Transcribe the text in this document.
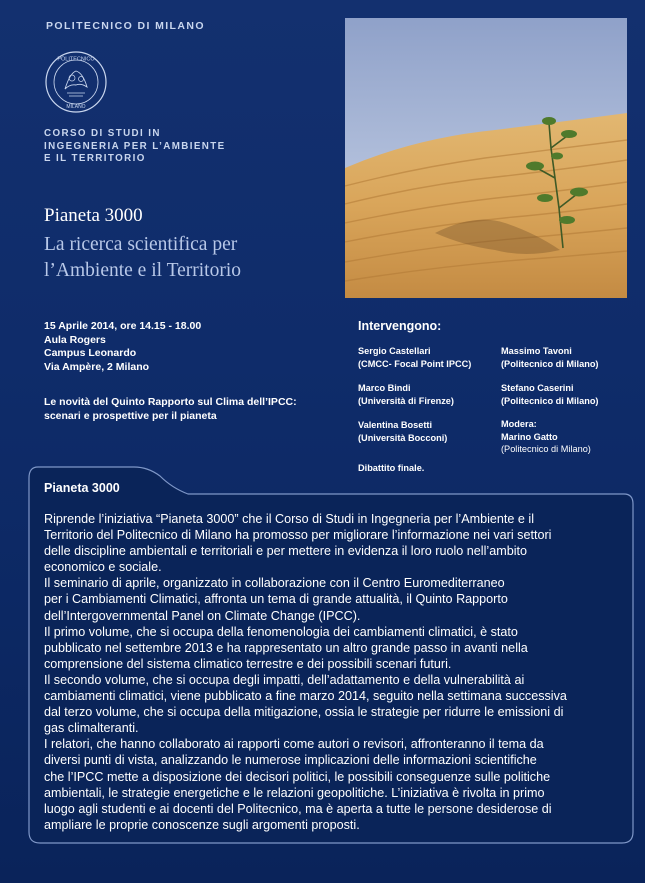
POLITECNICO DI MILANO
POLITECNICO
MILANO
CORSO DI STUDI IN
INGEGNERIA PER L’AMBIENTE
E IL TERRITORIO
Pianeta 3000
La ricerca scientifica per
l’Ambiente e il Territorio
15 Aprile 2014, ore 14.15 - 18.00
Aula Rogers
Campus Leonardo
Via Ampère, 2 Milano
Le novità del Quinto Rapporto sul Clima dell’IPCC:
scenari e prospettive per il pianeta
Intervengono:
Sergio Castellari
(CMCC- Focal Point IPCC)
Massimo Tavoni
(Politecnico di Milano)
Marco Bindi
(Università di Firenze)
Stefano Caserini
(Politecnico di Milano)
Valentina Bosetti
(Università Bocconi)
Modera:
Marino Gatto
(Politecnico di Milano)
Dibattito finale.
Pianeta 3000
Riprende l’iniziativa “Pianeta 3000” che il Corso di Studi in Ingegneria per l’Ambiente e il
Territorio del Politecnico di Milano ha promosso per migliorare l’informazione nei vari settori
delle discipline ambientali e territoriali e per mettere in evidenza il loro ruolo nell’ambito
economico e sociale.
Il seminario di aprile, organizzato in collaborazione con il Centro Euromediterraneo
per i Cambiamenti Climatici, affronta un tema di grande attualità, il Quinto Rapporto
dell’Intergovernmental Panel on Climate Change (IPCC).
Il primo volume, che si occupa della fenomenologia dei cambiamenti climatici, è stato
pubblicato nel settembre 2013 e ha rappresentato un altro grande passo in avanti nella
comprensione del sistema climatico terrestre e dei possibili scenari futuri.
Il secondo volume, che si occupa degli impatti, dell’adattamento e della vulnerabilità ai
cambiamenti climatici, viene pubblicato a fine marzo 2014, seguito nella settimana successiva
dal terzo volume, che si occupa della mitigazione, ossia le strategie per ridurre le emissioni di
gas climalteranti.
I relatori, che hanno collaborato ai rapporti come autori o revisori, affronteranno il tema da
diversi punti di vista, analizzando le numerose implicazioni delle informazioni scientifiche
che l’IPCC mette a disposizione dei decisori politici, le possibili conseguenze sulle politiche
ambientali, le strategie energetiche e le relazioni geopolitiche. L’iniziativa è rivolta in primo
luogo agli studenti e ai docenti del Politecnico, ma è aperta a tutte le persone desiderose di
ampliare le proprie conoscenze sugli argomenti proposti.
